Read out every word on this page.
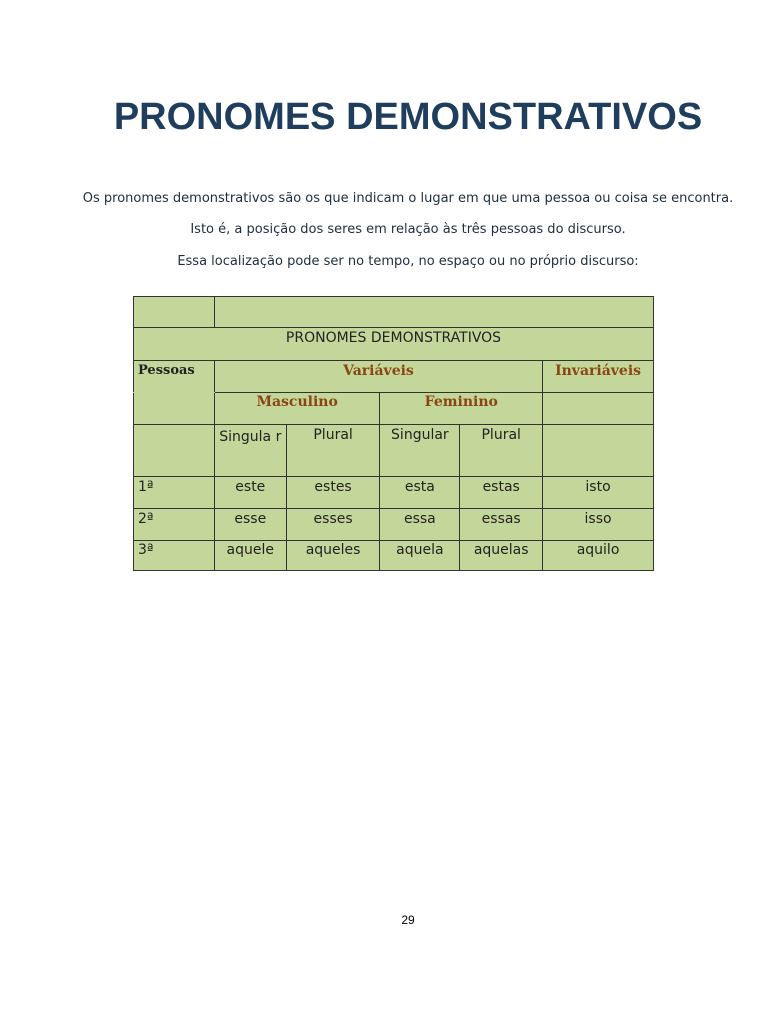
PRONOMES DEMONSTRATIVOS
Os pronomes demonstrativos são os que indicam o lugar em que uma pessoa ou coisa se encontra.
Isto é, a posição dos seres em relação às três pessoas do discurso.
Essa localização pode ser no tempo, no espaço ou no próprio discurso:

PRONOMES DEMONSTRATIVOS					
Pessoas	Variáveis				Invariáveis
	Masculino		Feminino		
	Singula r	Plural	Singular	Plural	
1ª	este	estes	esta	estas	isto
2ª	esse	esses	essa	essas	isso
3ª	aquele	aqueles	aquela	aquelas	aquilo
29
